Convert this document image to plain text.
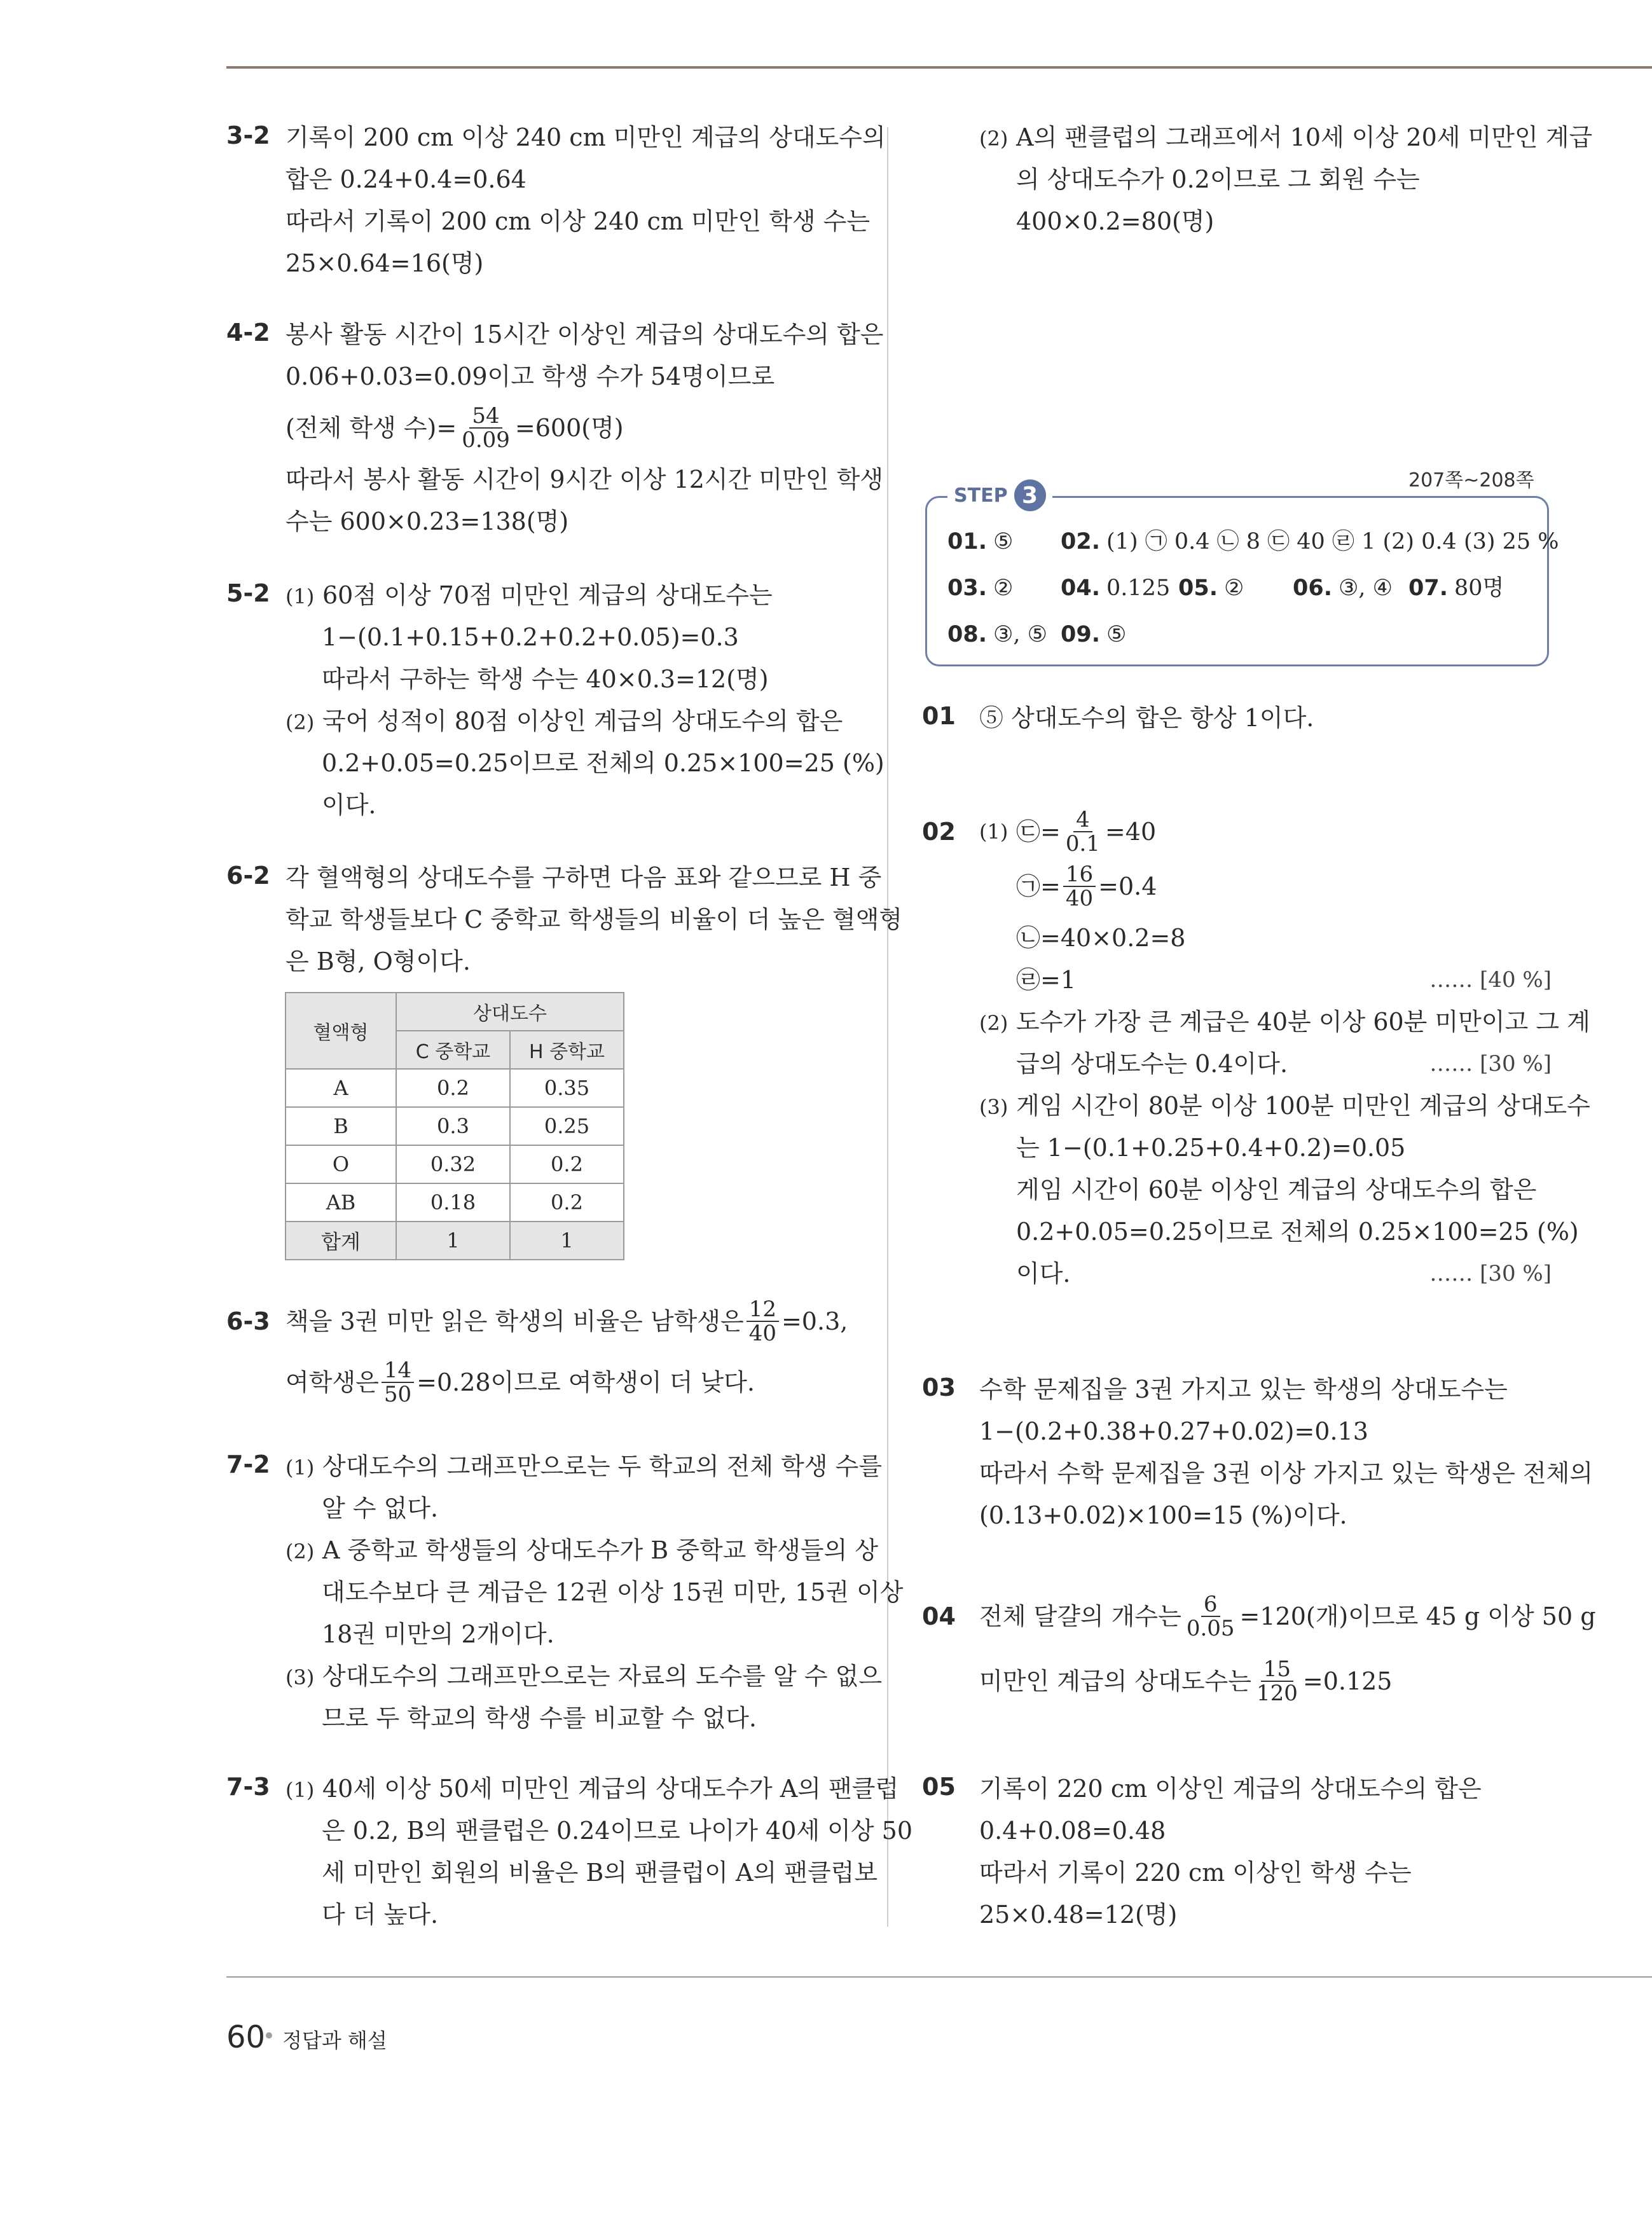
3-2 기록이 200 cm 이상 240 cm 미만인 계급의 상대도수의
합은 0.24+0.4=0.64
따라서 기록이 200 cm 이상 240 cm 미만인 학생 수는
25×0.64=16(명)
4-2 봉사 활동 시간이 15시간 이상인 계급의 상대도수의 합은
0.06+0.03=0.09이고 학생 수가 54명이므로
(전체 학생 수)= $\frac{54}{0.09} =600$(명)
따라서 봉사 활동 시간이 9시간 이상 12시간 미만인 학생
수는 600×0.23=138(명)
5-2 (1) 60점 이상 70점 미만인 계급의 상대도수는
1−(0.1+0.15+0.2+0.2+0.05)=0.3
따라서 구하는 학생 수는 40×0.3=12(명)
(2) 국어 성적이 80점 이상인 계급의 상대도수의 합은
0.2+0.05=0.25이므로 전체의 0.25×100=25 (%)
이다.
6-2 각 혈액형의 상대도수를 구하면 다음 표와 같으므로 H 중
학교 학생들보다 C 중학교 학생들의 비율이 더 높은 혈액형
은 B형, O형이다.
혈액형	상대도수	
	C 중학교	H 중학교
A	0.2	0.35
B	0.3	0.25
O	0.32	0.2
AB	0.18	0.2
합계	1	1
6-3 책을 3권 미만 읽은 학생의 비율은 남학생은 $\frac{12}{40} =0.3$,
여학생은 $\frac{14}{50} =0.28$이므로 여학생이 더 낮다.
7-2 (1) 상대도수의 그래프만으로는 두 학교의 전체 학생 수를
알 수 없다.
(2) A 중학교 학생들의 상대도수가 B 중학교 학생들의 상
대도수보다 큰 계급은 12권 이상 15권 미만, 15권 이상
18권 미만의 2개이다.
(3) 상대도수의 그래프만으로는 자료의 도수를 알 수 없으
므로 두 학교의 학생 수를 비교할 수 없다.
7-3 (1) 40세 이상 50세 미만인 계급의 상대도수가 A의 팬클럽
은 0.2, B의 팬클럽은 0.24이므로 나이가 40세 이상 50
세 미만인 회원의 비율은 B의 팬클럽이 A의 팬클럽보
다 더 높다.
(2) A의 팬클럽의 그래프에서 10세 이상 20세 미만인 계급
의 상대도수가 0.2이므로 그 회원 수는
400×0.2=80(명)
207쪽~208쪽
STEP 3
01. ⑤ 02. (1) ㉠ 0.4 ㉡ 8 ㉢ 40 ㉣ 1 (2) 0.4 (3) 25 %
03. ② 04. 0.125 05. ② 06. ③, ④ 07. 80명
08. ③, ⑤ 09. ⑤
01 ⑤ 상대도수의 합은 항상 1이다.
02 (1) ㉢= $\frac{4}{0.1} =40$
㉠= $\frac{16}{40} =0.4$
㉡=40×0.2=8
㉣=1	…… [40 %]
(2) 도수가 가장 큰 계급은 40분 이상 60분 미만이고 그 계
급의 상대도수는 0.4이다.	…… [30 %]
(3) 게임 시간이 80분 이상 100분 미만인 계급의 상대도수
는 1−(0.1+0.25+0.4+0.2)=0.05
게임 시간이 60분 이상인 계급의 상대도수의 합은
0.2+0.05=0.25이므로 전체의 0.25×100=25 (%)
이다.	…… [30 %]
03 수학 문제집을 3권 가지고 있는 학생의 상대도수는
1−(0.2+0.38+0.27+0.02)=0.13
따라서 수학 문제집을 3권 이상 가지고 있는 학생은 전체의
(0.13+0.02)×100=15 (%)이다.
04 전체 달걀의 개수는 $\frac{6}{0.05} =120$(개)이므로 45 g 이상 50 g
미만인 계급의 상대도수는 $\frac{15}{120} =0.125$
05 기록이 220 cm 이상인 계급의 상대도수의 합은
0.4+0.08=0.48
따라서 기록이 220 cm 이상인 학생 수는
25×0.48=12(명)
60 정답과 해설
